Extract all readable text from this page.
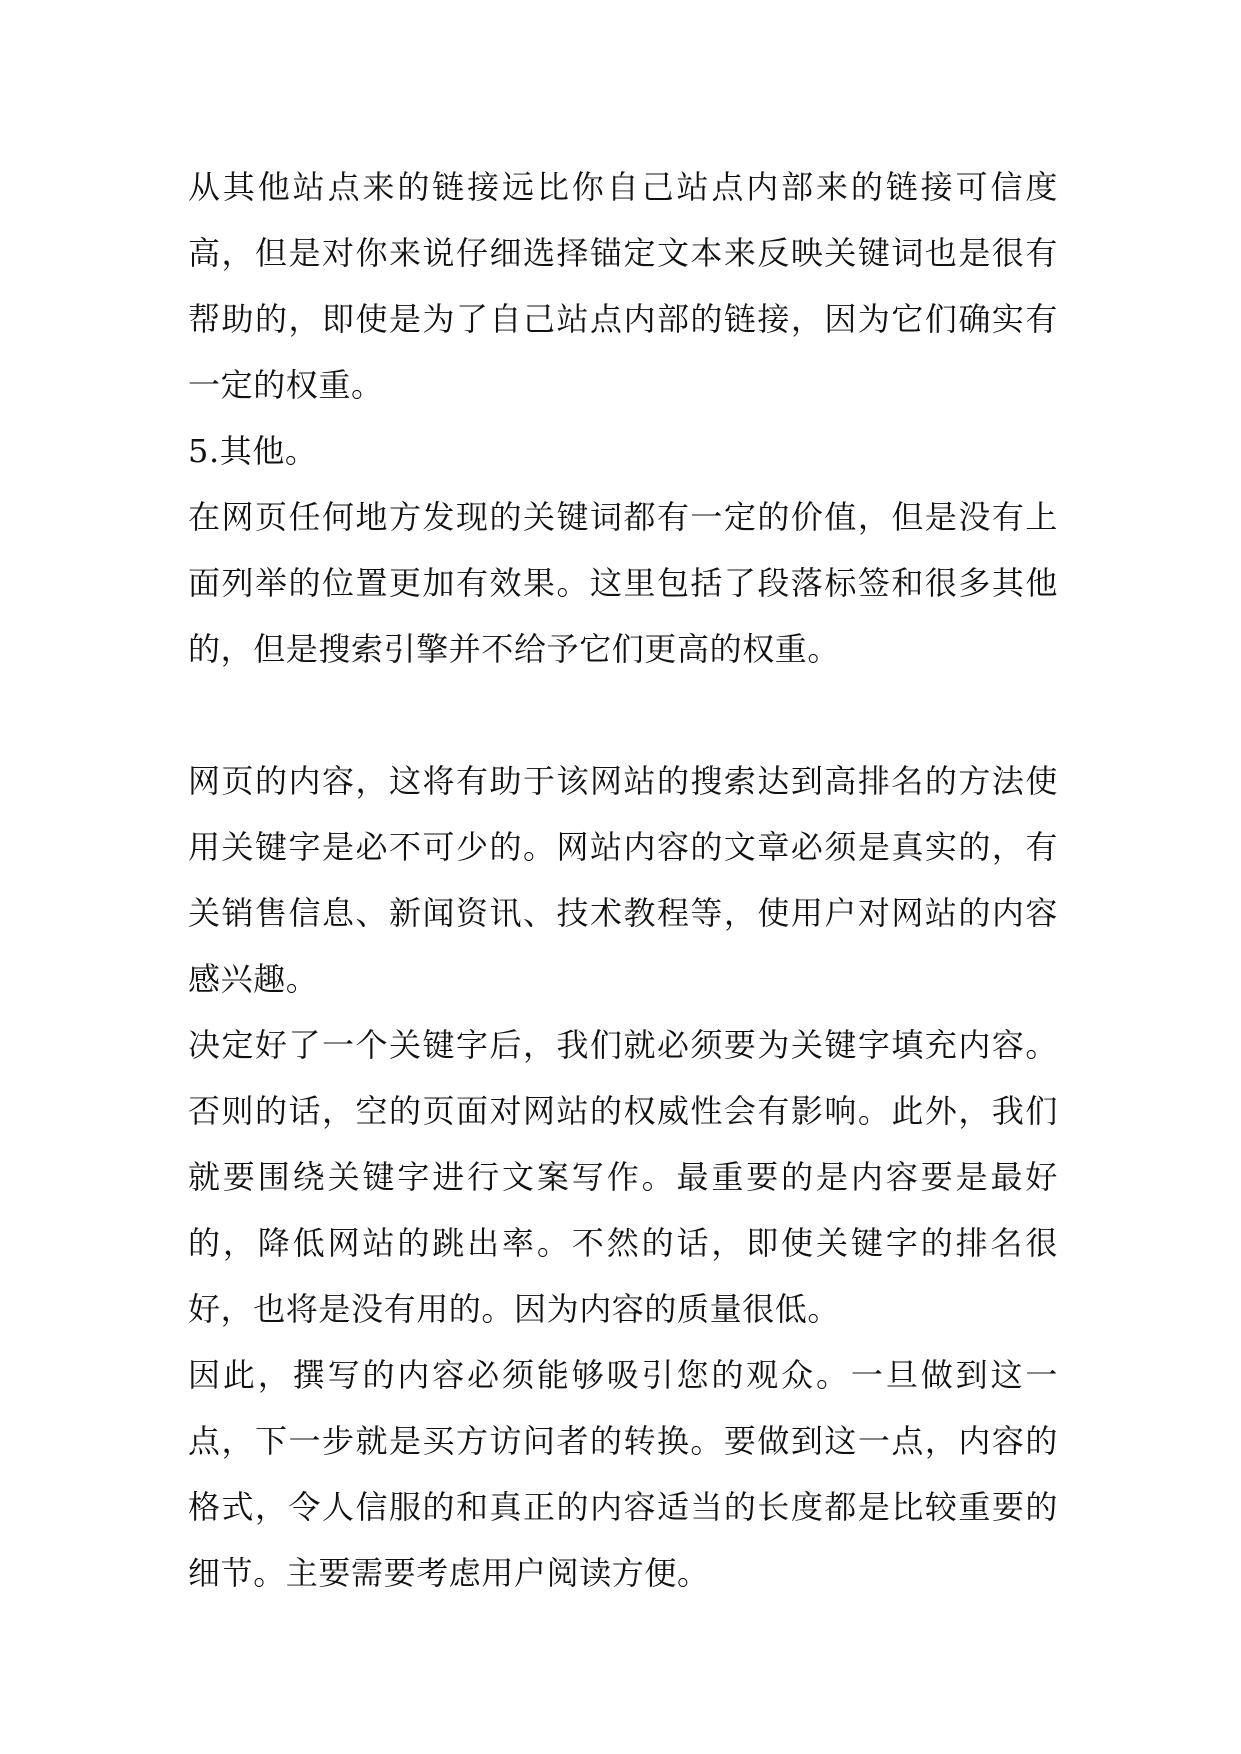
从其他站点来的链接远比你自己站点内部来的链接可信度高，但是对你来说仔细选择锚定文本来反映关键词也是很有帮助的，即使是为了自己站点内部的链接，因为它们确实有一定的权重。

5.其他。

在网页任何地方发现的关键词都有一定的价值，但是没有上面列举的位置更加有效果。这里包括了段落标签和很多其他的，但是搜索引擎并不给予它们更高的权重。

网页的内容，这将有助于该网站的搜索达到高排名的方法使用关键字是必不可少的。网站内容的文章必须是真实的，有关销售信息、新闻资讯、技术教程等，使用户对网站的内容感兴趣。

决定好了一个关键字后，我们就必须要为关键字填充内容。否则的话，空的页面对网站的权威性会有影响。此外，我们就要围绕关键字进行文案写作。最重要的是内容要是最好的，降低网站的跳出率。不然的话，即使关键字的排名很好，也将是没有用的。因为内容的质量很低。

因此，撰写的内容必须能够吸引您的观众。一旦做到这一点，下一步就是买方访问者的转换。要做到这一点，内容的格式，令人信服的和真正的内容适当的长度都是比较重要的细节。主要需要考虑用户阅读方便。
